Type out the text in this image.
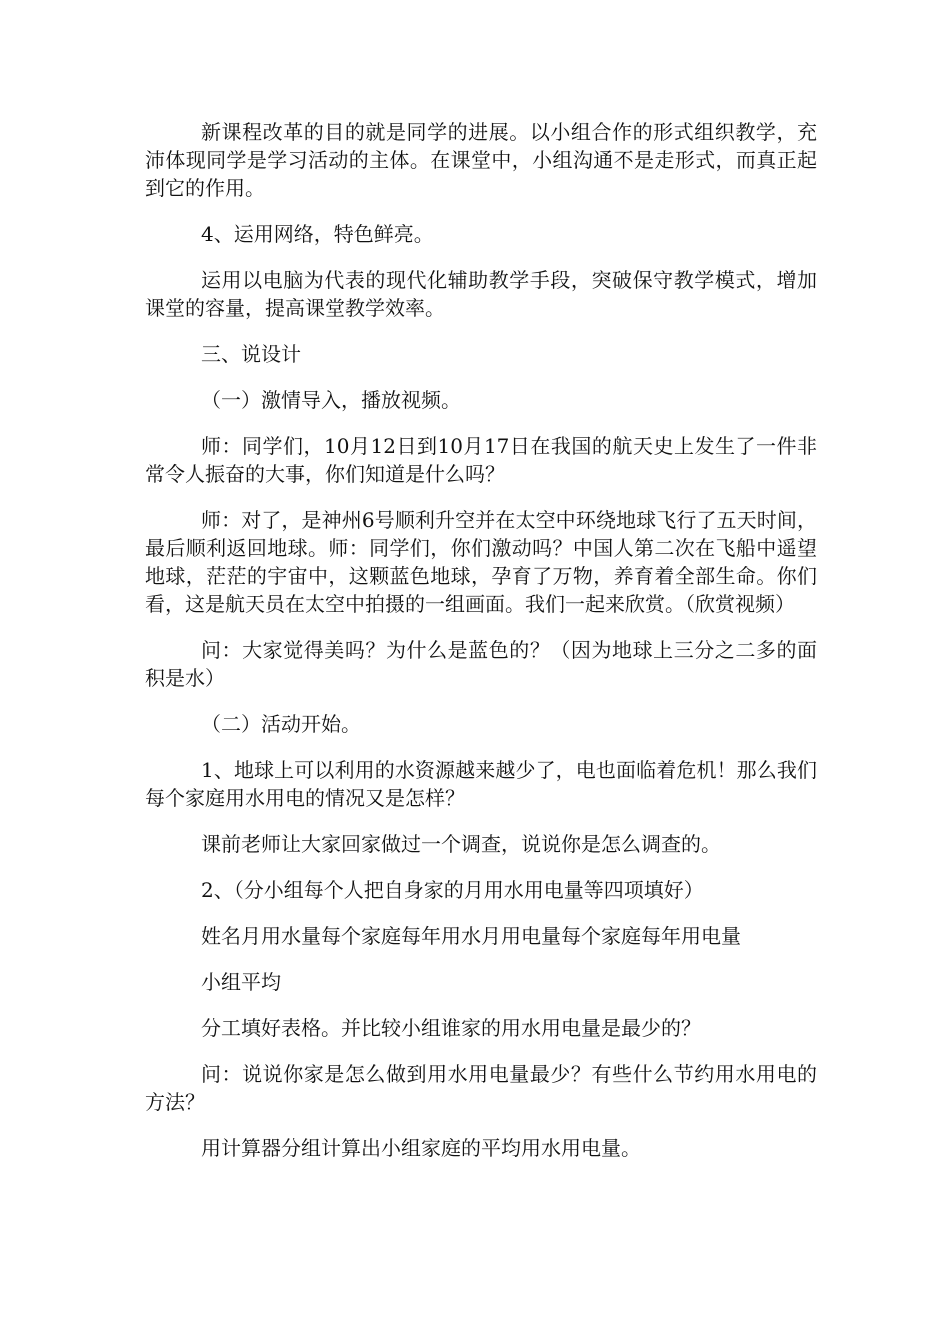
新课程改革的目的就是同学的进展。以小组合作的形式组织教学，充沛体现同学是学习活动的主体。在课堂中，小组沟通不是走形式，而真正起到它的作用。

4、运用网络，特色鲜亮。

运用以电脑为代表的现代化辅助教学手段，突破保守教学模式，增加课堂的容量，提高课堂教学效率。

三、说设计

（一）激情导入，播放视频。

师：同学们，10月12日到10月17日在我国的航天史上发生了一件非常令人振奋的大事，你们知道是什么吗？

师：对了，是神州6号顺利升空并在太空中环绕地球飞行了五天时间，最后顺利返回地球。师：同学们，你们激动吗？中国人第二次在飞船中遥望地球，茫茫的宇宙中，这颗蓝色地球，孕育了万物，养育着全部生命。你们看，这是航天员在太空中拍摄的一组画面。我们一起来欣赏。（欣赏视频）

问：大家觉得美吗？为什么是蓝色的？（因为地球上三分之二多的面积是水）

（二）活动开始。

1、地球上可以利用的水资源越来越少了，电也面临着危机！那么我们每个家庭用水用电的情况又是怎样？

课前老师让大家回家做过一个调查，说说你是怎么调查的。

2、（分小组每个人把自身家的月用水用电量等四项填好）

姓名月用水量每个家庭每年用水月用电量每个家庭每年用电量

小组平均

分工填好表格。并比较小组谁家的用水用电量是最少的？

问：说说你家是怎么做到用水用电量最少？有些什么节约用水用电的方法？

用计算器分组计算出小组家庭的平均用水用电量。
